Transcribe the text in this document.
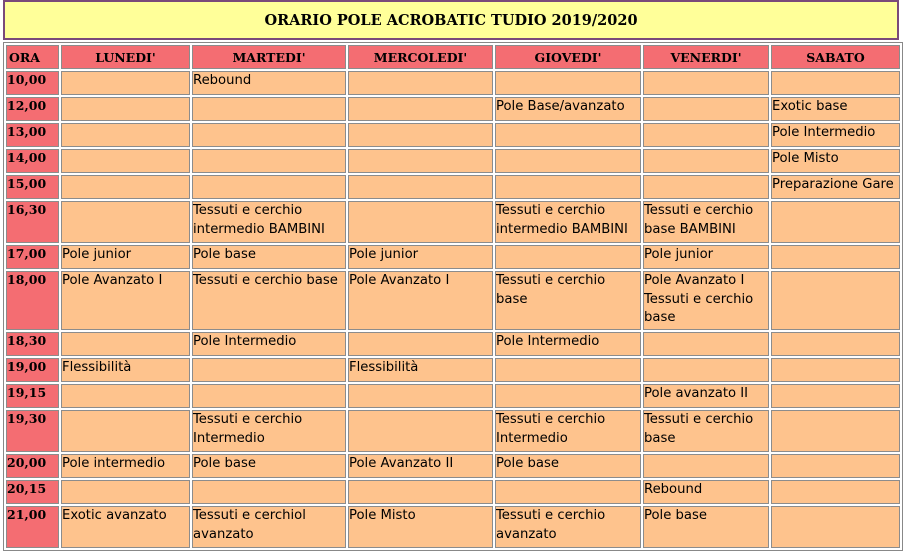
ORARIO POLE ACROBATIC TUDIO 2019/2020
ORA	LUNEDI'	MARTEDI'	MERCOLEDI'	GIOVEDI'	VENERDI'	SABATO
10,00		Rebound				
12,00				Pole Base/avanzato		Exotic base
13,00						Pole Intermedio
14,00						Pole Misto
15,00						Preparazione Gare
16,30		Tessuti e cerchio intermedio BAMBINI		Tessuti e cerchio intermedio BAMBINI	Tessuti e cerchio base BAMBINI	
17,00	Pole junior	Pole base	Pole junior		Pole junior	
18,00	Pole Avanzato I	Tessuti e cerchio base	Pole Avanzato I	Tessuti e cerchio base	Pole Avanzato I Tessuti e cerchio base	
18,30		Pole Intermedio		Pole Intermedio		
19,00	Flessibilità		Flessibilità			
19,15					Pole avanzato II	
19,30		Tessuti e cerchio Intermedio		Tessuti e cerchio Intermedio	Tessuti e cerchio base	
20,00	Pole intermedio	Pole base	Pole Avanzato II	Pole base		
20,15					Rebound	
21,00	Exotic avanzato	Tessuti e cerchiol avanzato	Pole Misto	Tessuti e cerchio avanzato	Pole base	
